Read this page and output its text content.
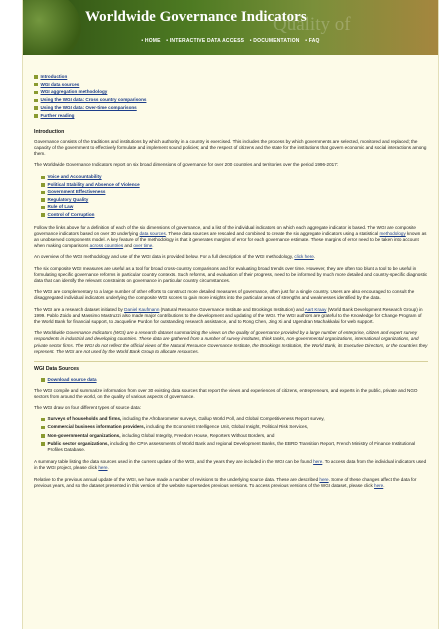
Worldwide Governance Indicators
Quality of
• HOME • INTERACTIVE DATA ACCESS • DOCUMENTATION • FAQ
Introduction
WGI data sources
WGI aggregation methodology
Using the WGI data: Cross country comparisons
Using the WGI data: Over-time comparisons
Further reading
Introduction

Governance consists of the traditions and institutions by which authority in a country is exercised. This includes the process by which governments are selected, monitored and replaced; the capacity of the government to effectively formulate and implement sound policies; and the respect of citizens and the state for the institutions that govern economic and social interactions among them.

The Worldwide Governance Indicators report on six broad dimensions of governance for over 200 countries and territories over the period 1996-2017:

Voice and Accountability
Political Stability and Absence of Violence
Government Effectiveness
Regulatory Quality
Rule of Law
Control of Corruption

Follow the links above for a definition of each of the six dimensions of governance, and a list of the individual indicators on which each aggregate indicator is based. The WGI are composite governance indicators based on over 30 underlying data sources. These data sources are rescaled and combined to create the six aggregate indicators using a statistical methodology known as an unobserved components model. A key feature of the methodology is that it generates margins of error for each governance estimate. These margins of error need to be taken into account when making comparisons across countries and over time.

An overview of the WGI methodology and use of the WGI data is provided below. For a full description of the WGI methodology, click here.

The six composite WGI measures are useful as a tool for broad cross-country comparisons and for evaluating broad trends over time. However, they are often too blunt a tool to be useful in formulating specific governance reforms in particular country contexts. Such reforms, and evaluation of their progress, need to be informed by much more detailed and country-specific diagnostic data that can identify the relevant constraints on governance in particular country circumstances.

The WGI are complementary to a large number of other efforts to construct more detailed measures of governance, often just for a single country. Users are also encouraged to consult the disaggregated individual indicators underlying the composite WGI scores to gain more insights into the particular areas of strengths and weaknesses identified by the data.

The WGI are a research dataset initiated by Daniel Kaufmann (Natural Resource Governance Institute and Brookings Institution) and Aart Kraay (World Bank Development Research Group) in 1999. Pablo Zoido and Massimo Mastruzzi also made major contributions to the development and updating of the WGI. The WGI authors are grateful to the Knowledge for Change Program of the World Bank for financial support, to Jacqueline Purdon for outstanding research assistance, and to Rong Chen, Jing Xi and Ugendran Machakkalai for web support.

The Worldwide Governance Indicators (WGI) are a research dataset summarizing the views on the quality of governance provided by a large number of enterprise, citizen and expert survey respondents in industrial and developing countries. These data are gathered from a number of survey institutes, think tanks, non-governmental organizations, international organizations, and private sector firms. The WGI do not reflect the official views of the Natural Resource Governance Institute, the Brookings Institution, the World Bank, its Executive Directors, or the countries they represent. The WGI are not used by the World Bank Group to allocate resources.

WGI Data Sources
Download source data

The WGI compile and summarize information from over 30 existing data sources that report the views and experiences of citizens, entrepreneurs, and experts in the public, private and NGO sectors from around the world, on the quality of various aspects of governance.

The WGI draw on four different types of source data:

Surveys of households and firms, including the Afrobarometer surveys, Gallup World Poll, and Global Competitiveness Report survey,
Commercial business information providers, including the Economist Intelligence Unit, Global Insight, Political Risk Services,
Non-governmental organizations, including Global Integrity, Freedom House, Reporters Without Borders, and
Public sector organizations, including the CPIA assessments of World Bank and regional Development Banks, the EBRD Transition Report, French Ministry of Finance Institutional Profiles Database.

A summary table listing the data sources used in the current update of the WGI, and the years they are included in the WGI can be found here. To access data from the individual indicators used in the WGI project, please click here.

Relative to the previous annual update of the WGI, we have made a number of revisions to the underlying source data. These are described here. Some of these changes affect the data for previous years, and so the dataset presented in this version of the website supersedes previous versions. To access previous versions of the WGI dataset, please click here.
